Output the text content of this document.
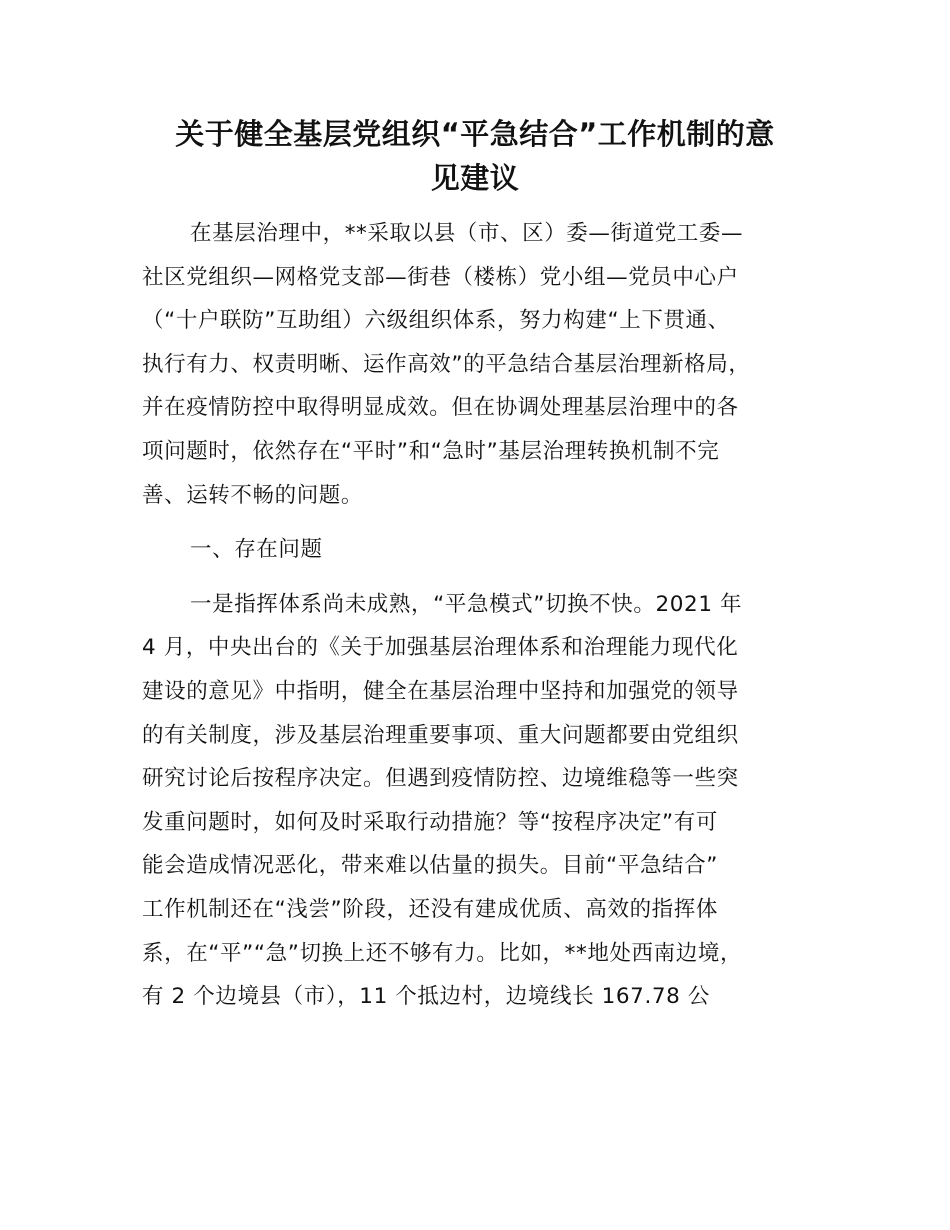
关于健全基层党组织“平急结合”工作机制的意
见建议
在基层治理中，**采取以县（市、区）委—街道党工委—
社区党组织—网格党支部—街巷（楼栋）党小组—党员中心户
（“十户联防”互助组）六级组织体系，努力构建“上下贯通、
执行有力、权责明晰、运作高效”的平急结合基层治理新格局，
并在疫情防控中取得明显成效。但在协调处理基层治理中的各
项问题时，依然存在“平时”和“急时”基层治理转换机制不完
善、运转不畅的问题。
一、存在问题
一是指挥体系尚未成熟，“平急模式”切换不快。2021 年
4 月，中央出台的《关于加强基层治理体系和治理能力现代化
建设的意见》中指明，健全在基层治理中坚持和加强党的领导
的有关制度，涉及基层治理重要事项、重大问题都要由党组织
研究讨论后按程序决定。但遇到疫情防控、边境维稳等一些突
发重问题时，如何及时采取行动措施？等“按程序决定”有可
能会造成情况恶化，带来难以估量的损失。目前“平急结合”
工作机制还在“浅尝”阶段，还没有建成优质、高效的指挥体
系，在“平”“急”切换上还不够有力。比如，**地处西南边境，
有 2 个边境县（市），11 个抵边村，边境线长 167.78 公
